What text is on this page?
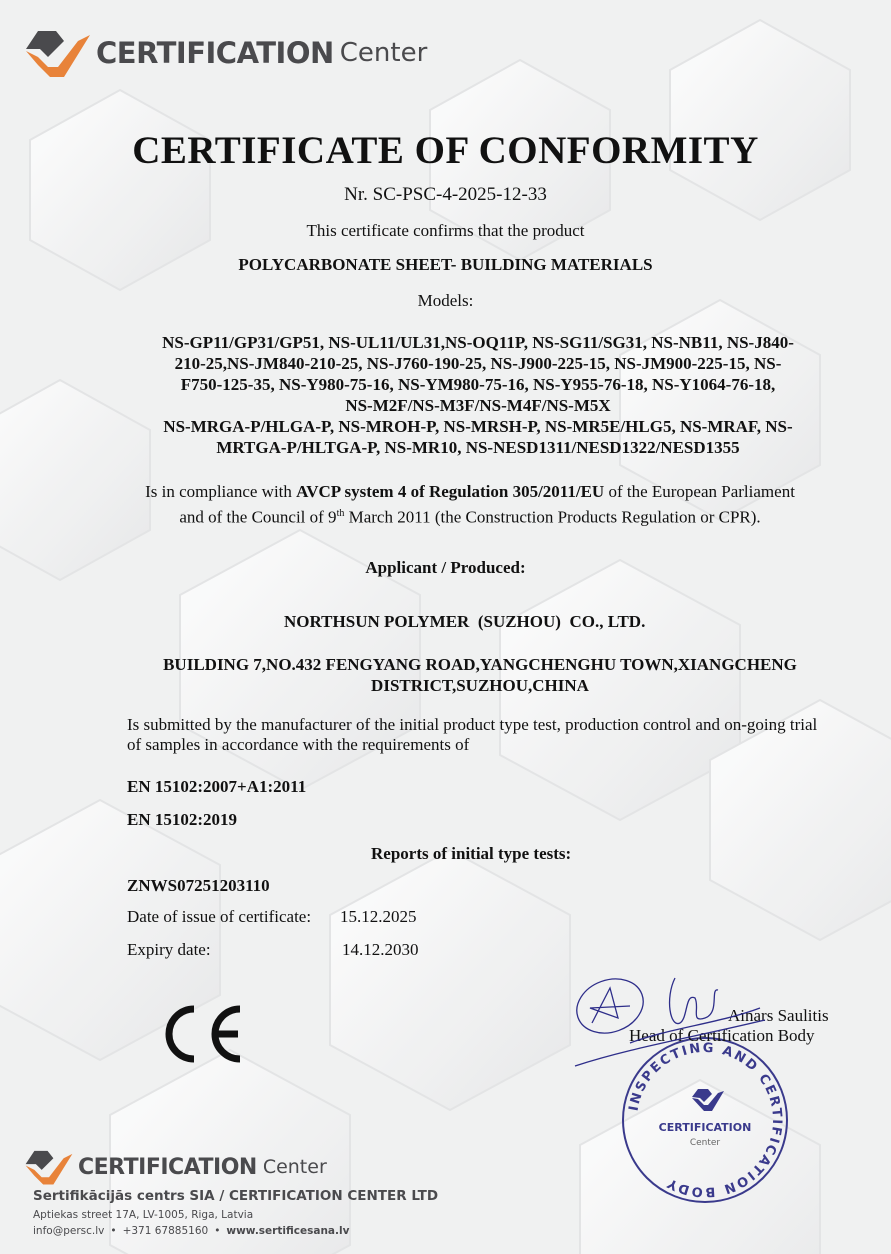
CERTIFICATION Center
CERTIFICATE OF CONFORMITY
Nr. SC-PSC-4-2025-12-33
This certificate confirms that the product
POLYCARBONATE SHEET- BUILDING MATERIALS
Models:
NS-GP11/GP31/GP51, NS-UL11/UL31,NS-OQ11P, NS-SG11/SG31, NS-NB11, NS-J840-
210-25,NS-JM840-210-25, NS-J760-190-25, NS-J900-225-15, NS-JM900-225-15, NS-
F750-125-35, NS-Y980-75-16, NS-YM980-75-16, NS-Y955-76-18, NS-Y1064-76-18,
NS-M2F/NS-M3F/NS-M4F/NS-M5X
NS-MRGA-P/HLGA-P, NS-MROH-P, NS-MRSH-P, NS-MR5E/HLG5, NS-MRAF, NS-
MRTGA-P/HLTGA-P, NS-MR10, NS-NESD1311/NESD1322/NESD1355
Is in compliance with AVCP system 4 of Regulation 305/2011/EU of the European Parliament
and of the Council of 9th March 2011 (the Construction Products Regulation or CPR).
Applicant / Produced:
NORTHSUN POLYMER  (SUZHOU)  CO., LTD.
BUILDING 7,NO.432 FENGYANG ROAD,YANGCHENGHU TOWN,XIANGCHENG DISTRICT,SUZHOU,CHINA
Is submitted by the manufacturer of the initial product type test, production control and on-going trial of samples in accordance with the requirements of
EN 15102:2007+A1:2011
EN 15102:2019
Reports of initial type tests:
ZNWS07251203110
Date of issue of certificate: 15.12.2025
Expiry date:	14.12.2030
INSPECTING AND CERTIFICATION BODY
CERTIFICATION
Center
Ainars Saulitis
Head of Certification Body
CERTIFICATION Center
Sertifikācijās centrs SIA / CERTIFICATION CENTER LTD
Aptiekas street 17A, LV-1005, Riga, Latvia
info@persc.lv • +371 67885160 • www.sertificesana.lv
